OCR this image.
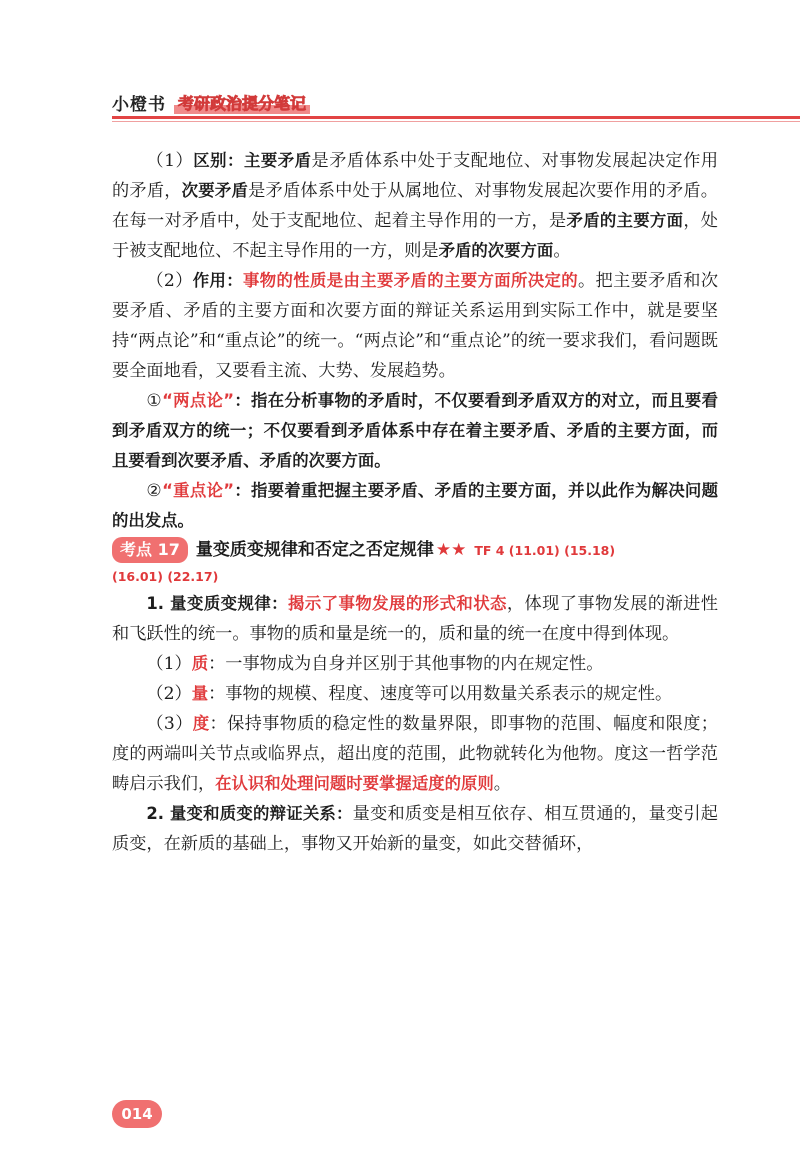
小橙书 考研政治提分笔记

（1）区别：主要矛盾是矛盾体系中处于支配地位、对事物发展起决定作用的矛盾，次要矛盾是矛盾体系中处于从属地位、对事物发展起次要作用的矛盾。在每一对矛盾中，处于支配地位、起着主导作用的一方，是矛盾的主要方面，处于被支配地位、不起主导作用的一方，则是矛盾的次要方面。

（2）作用：事物的性质是由主要矛盾的主要方面所决定的。把主要矛盾和次要矛盾、矛盾的主要方面和次要方面的辩证关系运用到实际工作中，就是要坚持“两点论”和“重点论”的统一。“两点论”和“重点论”的统一要求我们，看问题既要全面地看，又要看主流、大势、发展趋势。

①“两点论”：指在分析事物的矛盾时，不仅要看到矛盾双方的对立，而且要看到矛盾双方的统一；不仅要看到矛盾体系中存在着主要矛盾、矛盾的主要方面，而且要看到次要矛盾、矛盾的次要方面。

②“重点论”：指要着重把握主要矛盾、矛盾的主要方面，并以此作为解决问题的出发点。

考点 17 量变质变规律和否定之否定规律 ★★ TF 4 (11.01) (15.18)

(16.01) (22.17)

1. 量变质变规律：揭示了事物发展的形式和状态，体现了事物发展的渐进性和飞跃性的统一。事物的质和量是统一的，质和量的统一在度中得到体现。

（1）质：一事物成为自身并区别于其他事物的内在规定性。

（2）量：事物的规模、程度、速度等可以用数量关系表示的规定性。

（3）度：保持事物质的稳定性的数量界限，即事物的范围、幅度和限度；度的两端叫关节点或临界点，超出度的范围，此物就转化为他物。度这一哲学范畴启示我们，在认识和处理问题时要掌握适度的原则。

2. 量变和质变的辩证关系：量变和质变是相互依存、相互贯通的，量变引起质变，在新质的基础上，事物又开始新的量变，如此交替循环，

014
